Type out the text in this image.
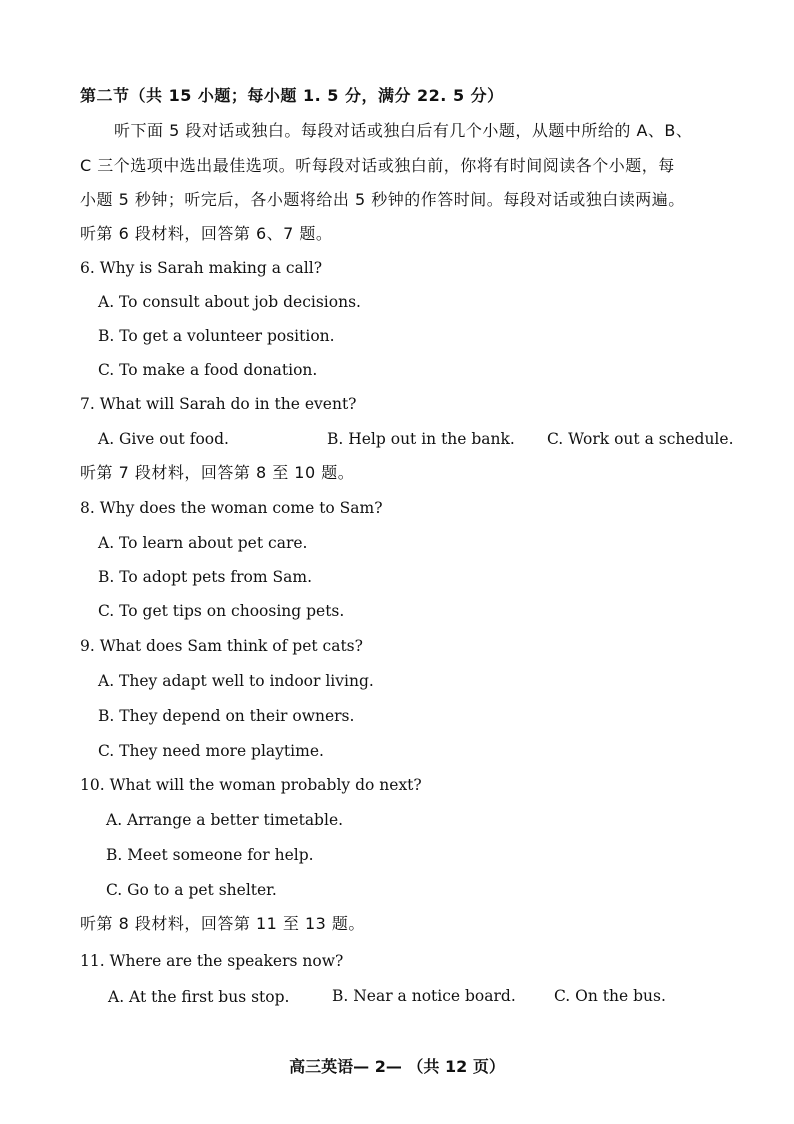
第二节（共 15 小题；每小题 1. 5 分，满分 22. 5 分）
听下面 5 段对话或独白。每段对话或独白后有几个小题，从题中所给的 A、B、
C 三个选项中选出最佳选项。听每段对话或独白前，你将有时间阅读各个小题，每
小题 5 秒钟；听完后，各小题将给出 5 秒钟的作答时间。每段对话或独白读两遍。
听第 6 段材料，回答第 6、7 题。
6. Why is Sarah making a call?
A. To consult about job decisions.
B. To get a volunteer position.
C. To make a food donation.
7. What will Sarah do in the event?
A. Give out food.	B. Help out in the bank. C. Work out a schedule.
听第 7 段材料，回答第 8 至 10 题。
8. Why does the woman come to Sam?
A. To learn about pet care.
B. To adopt pets from Sam.
C. To get tips on choosing pets.
9. What does Sam think of pet cats?
A. They adapt well to indoor living.
B. They depend on their owners.
C. They need more playtime.
10. What will the woman probably do next?
A. Arrange a better timetable.
B. Meet someone for help.
C. Go to a pet shelter.
听第 8 段材料，回答第 11 至 13 题。
11. Where are the speakers now?
A. At the first bus stop.	B. Near a notice board. C. On the bus.
高三英语— 2— （共 12 页）
